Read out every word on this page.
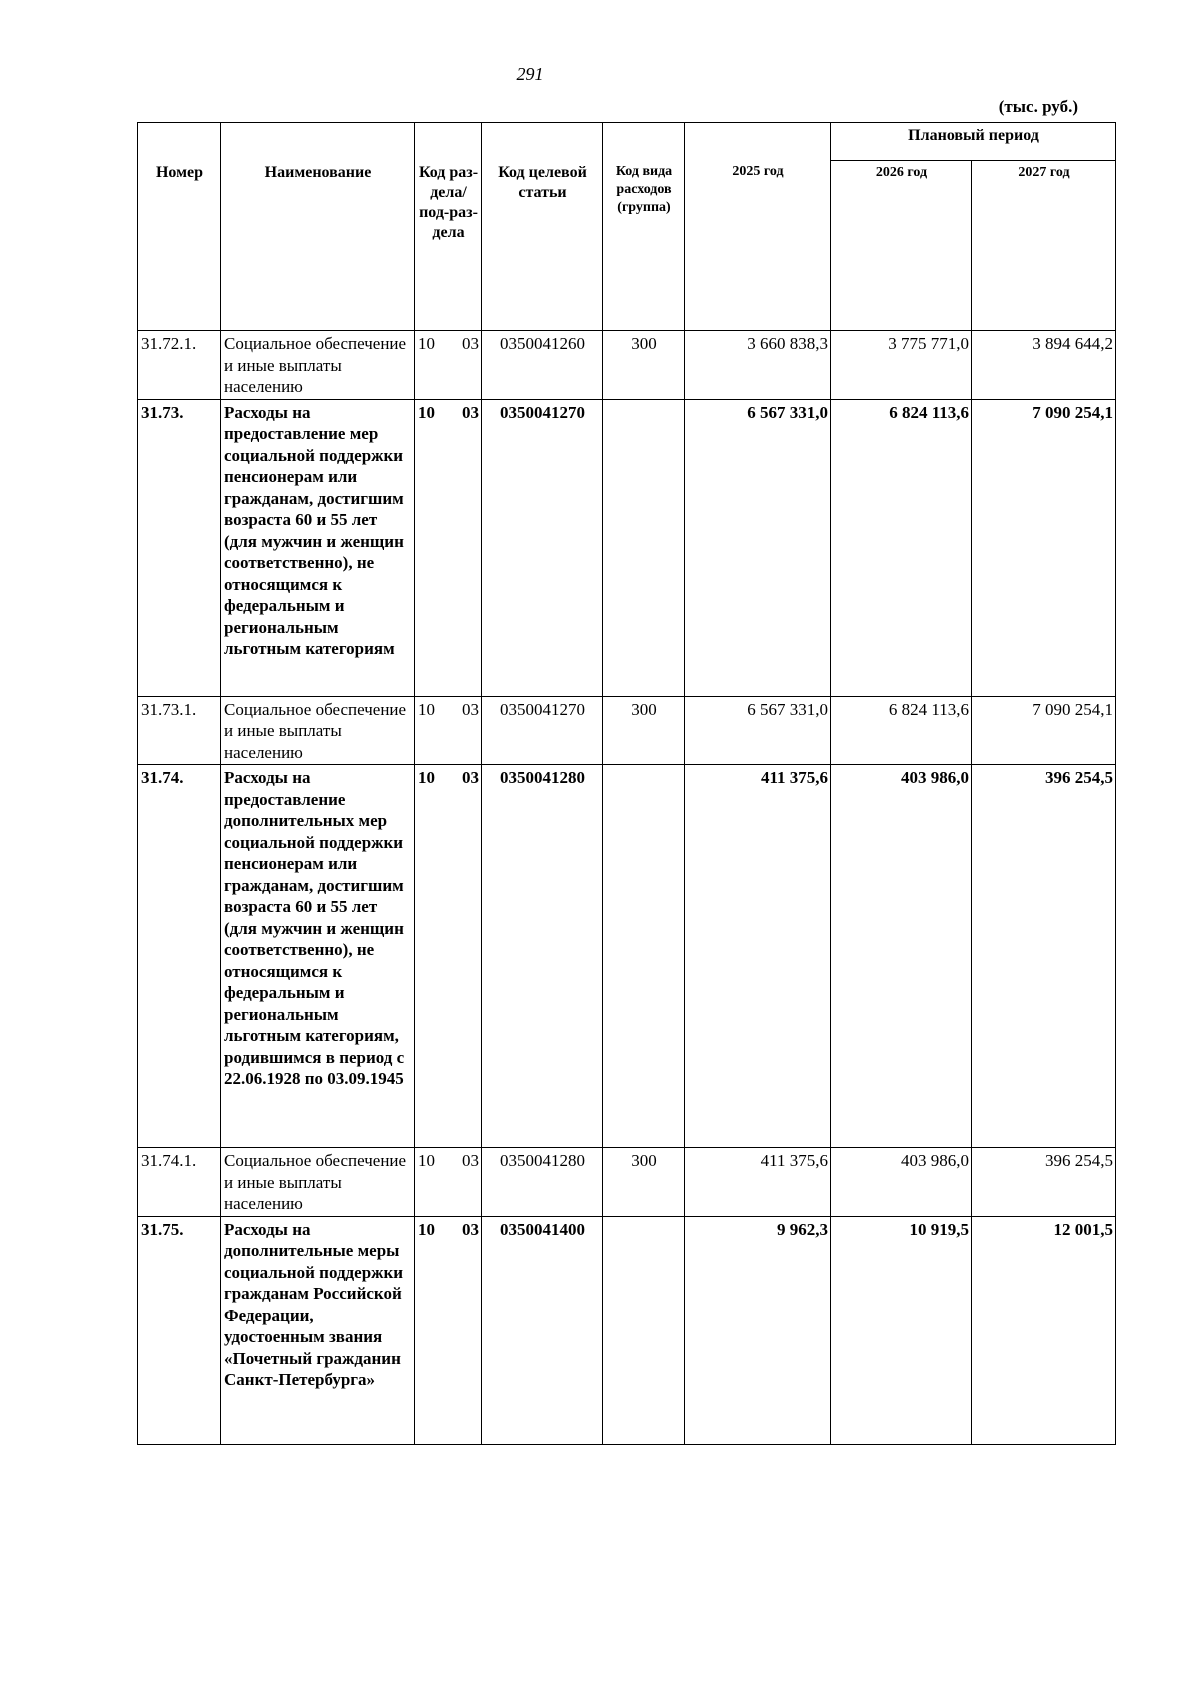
291
(тыс. руб.)
Номер	Наименование	Код раз-дела/ под-раз-дела	Код целевой статьи	Код вида расходов (группа)	2025 год	Плановый период	
						2026 год	2027 год
31.72.1.	Социальное обеспечение и иные выплаты населению	10 03	0350041260	300	3 660 838,3	3 775 771,0	3 894 644,2
31.73.	Расходы на предоставление мер социальной поддержки пенсионерам или гражданам, достигшим возраста 60 и 55 лет (для мужчин и женщин соответственно), не относящимся к федеральным и региональным льготным категориям	10 03	0350041270		6 567 331,0	6 824 113,6	7 090 254,1
31.73.1.	Социальное обеспечение и иные выплаты населению	10 03	0350041270	300	6 567 331,0	6 824 113,6	7 090 254,1
31.74.	Расходы на предоставление дополнительных мер социальной поддержки пенсионерам или гражданам, достигшим возраста 60 и 55 лет (для мужчин и женщин соответственно), не относящимся к федеральным и региональным льготным категориям, родившимся в период с 22.06.1928 по 03.09.1945	10 03	0350041280		411 375,6	403 986,0	396 254,5
31.74.1.	Социальное обеспечение и иные выплаты населению	10 03	0350041280	300	411 375,6	403 986,0	396 254,5
31.75.	Расходы на дополнительные меры социальной поддержки гражданам Российской Федерации, удостоенным звания «Почетный гражданин Санкт-Петербурга»	10 03	0350041400		9 962,3	10 919,5	12 001,5
